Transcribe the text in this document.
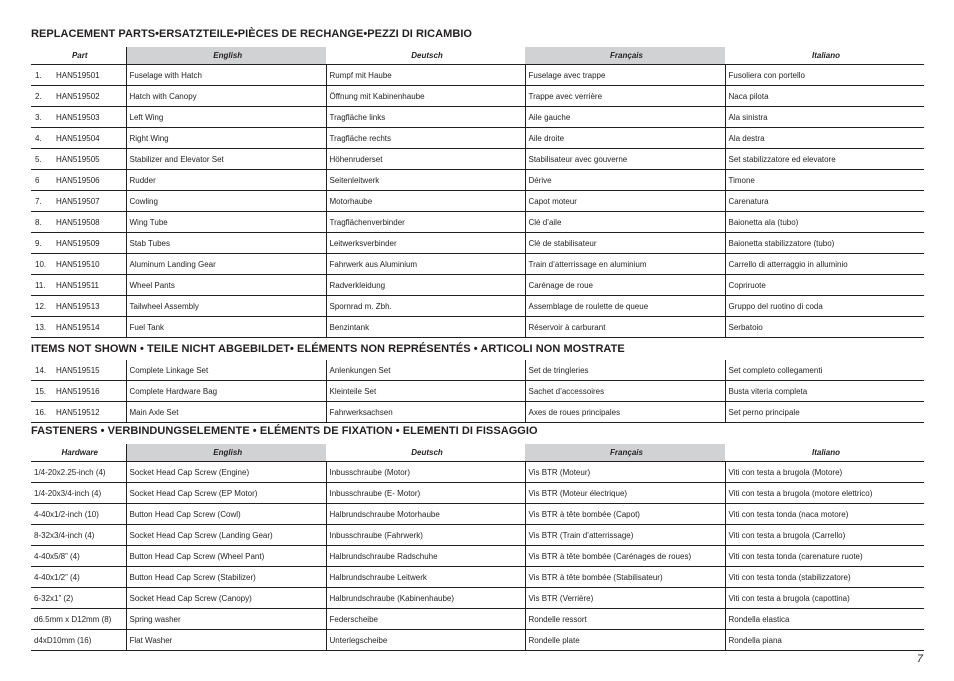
REPLACEMENT PARTS•ERSATZTEILE•PIÈCES DE RECHANGE•PEZZI DI RICAMBIO
Part		English	Deutsch	Français	Italiano
1.	HAN519501	Fuselage with Hatch	Rumpf mit Haube	Fuselage avec trappe	Fusoliera con portello
2.	HAN519502	Hatch with Canopy	Öffnung mit Kabinenhaube	Trappe avec verrière	Naca pilota
3.	HAN519503	Left Wing	Tragfläche links	Aile gauche	Ala sinistra
4.	HAN519504	Right Wing	Tragfläche rechts	Aile droite	Ala destra
5.	HAN519505	Stabilizer and Elevator Set	Höhenruderset	Stabilisateur avec gouverne	Set stabilizzatore ed elevatore
6	HAN519506	Rudder	Seitenleitwerk	Dérive	Timone
7.	HAN519507	Cowling	Motorhaube	Capot moteur	Carenatura
8.	HAN519508	Wing Tube	Tragflächenverbinder	Clé d’aile	Baionetta ala (tubo)
9.	HAN519509	Stab Tubes	Leitwerksverbinder	Clé de stabilisateur	Baionetta stabilizzatore (tubo)
10.	HAN519510	Aluminum Landing Gear	Fahrwerk aus Aluminium	Train d’atterrissage en aluminium	Carrello di atterraggio in alluminio
11.	HAN519511	Wheel Pants	Radverkleidung	Carénage de roue	Copriruote
12.	HAN519513	Tailwheel Assembly	Spornrad m. Zbh.	Assemblage de roulette de queue	Gruppo del ruotino di coda
13.	HAN519514	Fuel Tank	Benzintank	Réservoir à carburant	Serbatoio
ITEMS NOT SHOWN • TEILE NICHT ABGEBILDET• ELÉMENTS NON REPRÉSENTÉS • ARTICOLI NON MOSTRATE
14.	HAN519515	Complete Linkage Set	Anlenkungen Set	Set de tringleries	Set completo collegamenti
15.	HAN519516	Complete Hardware Bag	Kleinteile Set	Sachet d’accessoires	Busta viteria completa
16.	HAN519512	Main Axle Set	Fahrwerksachsen	Axes de roues principales	Set perno principale
FASTENERS • VERBINDUNGSELEMENTE • ELÉMENTS DE FIXATION • ELEMENTI DI FISSAGGIO
Hardware	English	Deutsch	Français	Italiano
1/4-20x2.25-inch (4)	Socket Head Cap Screw (Engine)	Inbusschraube (Motor)	Vis BTR (Moteur)	Viti con testa a brugola (Motore)
1/4-20x3/4-inch (4)	Socket Head Cap Screw (EP Motor)	Inbusschraube (E- Motor)	Vis BTR (Moteur électrique)	Viti con testa a brugola (motore elettrico)
4-40x1/2-inch (10)	Button Head Cap Screw (Cowl)	Halbrundschraube Motorhaube	Vis BTR à tête bombée (Capot)	Viti con testa tonda (naca motore)
8-32x3/4-inch (4)	Socket Head Cap Screw (Landing Gear)	Inbusschraube (Fahrwerk)	Vis BTR (Train d’atterrissage)	Viti con testa a brugola (Carrello)
4-40x5/8” (4)	Button Head Cap Screw (Wheel Pant)	Halbrundschraube Radschuhe	Vis BTR à tête bombée (Carénages de roues)	Viti con testa tonda (carenature ruote)
4-40x1/2” (4)	Button Head Cap Screw (Stabilizer)	Halbrundschraube Leitwerk	Vis BTR à tête bombée (Stabilisateur)	Viti con testa tonda (stabilizzatore)
6-32x1” (2)	Socket Head Cap Screw (Canopy)	Halbrundschraube (Kabinenhaube)	Vis BTR (Verrière)	Viti con testa a brugola (capottina)
d6.5mm x D12mm (8)	Spring washer	Federscheibe	Rondelle ressort	Rondella elastica
d4xD10mm (16)	Flat Washer	Unterlegscheibe	Rondelle plate	Rondella piana
7
